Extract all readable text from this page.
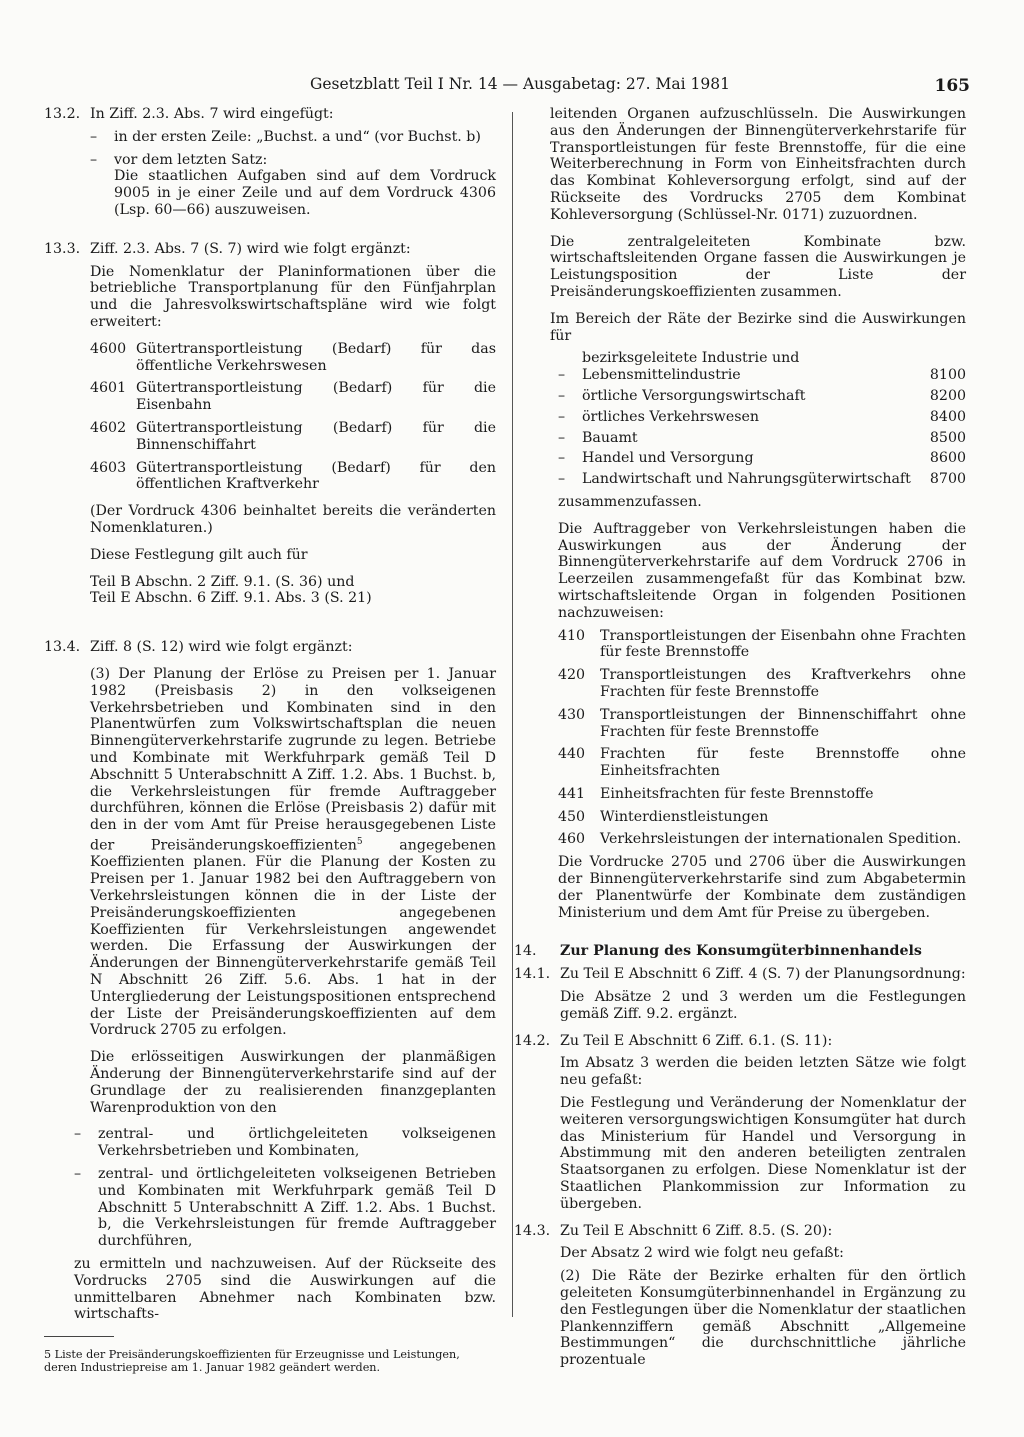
Gesetzblatt Teil I Nr. 14 — Ausgabetag: 27. Mai 1981	165
13.2. In Ziff. 2.3. Abs. 7 wird eingefügt:

–	in der ersten Zeile: „Buchst. a und“ (vor Buchst. b)
–	vor dem letzten Satz:

Die staatlichen Aufgaben sind auf dem Vordruck 9005 in je einer Zeile und auf dem Vordruck 4306 (Lsp. 60—66) auszuweisen.

13.3. Ziff. 2.3. Abs. 7 (S. 7) wird wie folgt ergänzt:

Die Nomenklatur der Planinformationen über die betriebliche Transportplanung für den Fünfjahrplan und die Jahresvolkswirtschaftspläne wird wie folgt erweitert:

4600 Gütertransportleistung (Bedarf) für das öffentliche Verkehrswesen
4601 Gütertransportleistung (Bedarf) für die Eisenbahn
4602 Gütertransportleistung (Bedarf) für die Binnenschiffahrt
4603 Gütertransportleistung (Bedarf) für den öffentlichen Kraftverkehr

(Der Vordruck 4306 beinhaltet bereits die veränderten Nomenklaturen.)

Diese Festlegung gilt auch für

Teil B Abschn. 2 Ziff. 9.1. (S. 36) und

Teil E Abschn. 6 Ziff. 9.1. Abs. 3 (S. 21)

13.4. Ziff. 8 (S. 12) wird wie folgt ergänzt:

(3) Der Planung der Erlöse zu Preisen per 1. Januar 1982 (Preisbasis 2) in den volkseigenen Verkehrsbetrieben und Kombinaten sind in den Planentwürfen zum Volkswirtschaftsplan die neuen Binnengüterverkehrstarife zugrunde zu legen. Betriebe und Kombinate mit Werkfuhrpark gemäß Teil D Abschnitt 5 Unterabschnitt A Ziff. 1.2. Abs. 1 Buchst. b, die Verkehrsleistungen für fremde Auftraggeber durchführen, können die Erlöse (Preisbasis 2) dafür mit den in der vom Amt für Preise herausgegebenen Liste der Preisänderungskoeffizienten$^5$ angegebenen Koeffizienten planen. Für die Planung der Kosten zu Preisen per 1. Januar 1982 bei den Auftraggebern von Verkehrsleistungen können die in der Liste der Preisänderungskoeffizienten angegebenen Koeffizienten für Verkehrsleistungen angewendet werden. Die Erfassung der Auswirkungen der Änderungen der Binnengüterverkehrstarife gemäß Teil N Abschnitt 26 Ziff. 5.6. Abs. 1 hat in der Untergliederung der Leistungspositionen entsprechend der Liste der Preisänderungskoeffizienten auf dem Vordruck 2705 zu erfolgen.

Die erlösseitigen Auswirkungen der planmäßigen Änderung der Binnengüterverkehrstarife sind auf der Grundlage der zu realisierenden finanzgeplanten Warenproduktion von den

–	zentral- und örtlichgeleiteten volkseigenen Verkehrsbetrieben und Kombinaten,
–	zentral- und örtlichgeleiteten volkseigenen Betrieben und Kombinaten mit Werkfuhrpark gemäß Teil D Abschnitt 5 Unterabschnitt A Ziff. 1.2. Abs. 1 Buchst. b, die Verkehrsleistungen für fremde Auftraggeber durchführen,

zu ermitteln und nachzuweisen. Auf der Rückseite des Vordrucks 2705 sind die Auswirkungen auf die unmittelbaren Abnehmer nach Kombinaten bzw. wirtschafts-

5 Liste der Preisänderungskoeffizienten für Erzeugnisse und Leistungen, deren Industriepreise am 1. Januar 1982 geändert werden.

leitenden Organen aufzuschlüsseln. Die Auswirkungen aus den Änderungen der Binnengüterverkehrstarife für Transportleistungen für feste Brennstoffe, für die eine Weiterberechnung in Form von Einheitsfrachten durch das Kombinat Kohleversorgung erfolgt, sind auf der Rückseite des Vordrucks 2705 dem Kombinat Kohleversorgung (Schlüssel-Nr. 0171) zuzuordnen.

Die zentralgeleiteten Kombinate bzw. wirtschaftsleitenden Organe fassen die Auswirkungen je Leistungsposition der Liste der Preisänderungskoeffizienten zusammen.

Im Bereich der Räte der Bezirke sind die Auswirkungen für

–
bezirksgeleitete Industrie und Lebensmittelindustrie	8100
–	örtliche Versorgungswirtschaft	8200
–	örtliches Verkehrswesen	8400
–	Bauamt	8500
–	Handel und Versorgung	8600
–	Landwirtschaft und Nahrungsgüterwirtschaft	8700

zusammenzufassen.

Die Auftraggeber von Verkehrsleistungen haben die Auswirkungen aus der Änderung der Binnengüterverkehrstarife auf dem Vordruck 2706 in Leerzeilen zusammengefaßt für das Kombinat bzw. wirtschaftsleitende Organ in folgenden Positionen nachzuweisen:

410	Transportleistungen der Eisenbahn ohne Frachten für feste Brennstoffe
420	Transportleistungen des Kraftverkehrs ohne Frachten für feste Brennstoffe
430	Transportleistungen der Binnenschiffahrt ohne Frachten für feste Brennstoffe
440	Frachten für feste Brennstoffe ohne Einheitsfrachten
441	Einheitsfrachten für feste Brennstoffe
450	Winterdienstleistungen
460	Verkehrsleistungen der internationalen Spedition.

Die Vordrucke 2705 und 2706 über die Auswirkungen der Binnengüterverkehrstarife sind zum Abgabetermin der Planentwürfe der Kombinate dem zuständigen Ministerium und dem Amt für Preise zu übergeben.

14.	Zur Planung des Konsumgüterbinnenhandels
14.1. Zu Teil E Abschnitt 6 Ziff. 4 (S. 7) der Planungsordnung:

Die Absätze 2 und 3 werden um die Festlegungen gemäß Ziff. 9.2. ergänzt.

14.2. Zu Teil E Abschnitt 6 Ziff. 6.1. (S. 11):

Im Absatz 3 werden die beiden letzten Sätze wie folgt neu gefaßt:

Die Festlegung und Veränderung der Nomenklatur der weiteren versorgungswichtigen Konsumgüter hat durch das Ministerium für Handel und Versorgung in Abstimmung mit den anderen beteiligten zentralen Staatsorganen zu erfolgen. Diese Nomenklatur ist der Staatlichen Plankommission zur Information zu übergeben.

14.3. Zu Teil E Abschnitt 6 Ziff. 8.5. (S. 20):

Der Absatz 2 wird wie folgt neu gefaßt:

(2) Die Räte der Bezirke erhalten für den örtlich geleiteten Konsumgüterbinnenhandel in Ergänzung zu den Festlegungen über die Nomenklatur der staatlichen Plankennziffern gemäß Abschnitt „Allgemeine Bestimmungen“ die durchschnittliche jährliche prozentuale
